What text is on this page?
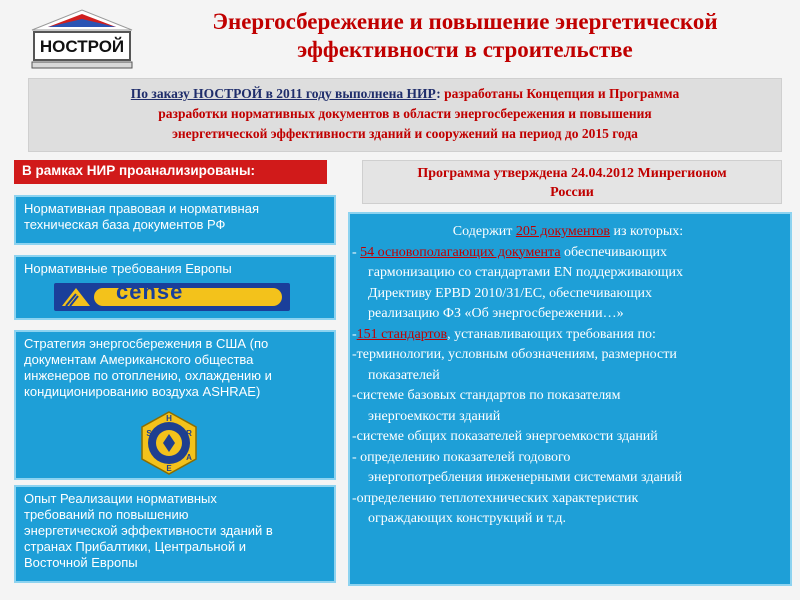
НОСТРОЙ
Энергосбережение и повышение энергетической
эффективности в строительстве
По заказу НОСТРОЙ в 2011 году выполнена НИР: разработаны Концепция и Программа
разработки нормативных документов в области энергосбережения и повышения
энергетической эффективности зданий и сооружений на период до 2015 года
В рамках НИР проанализированы:
Нормативная правовая и нормативная
техническая база документов РФ
Нормативные требования Европы
cense
Стратегия энергосбережения в США (по
документам Американского общества
инженеров по отоплению, охлаждению и
кондиционированию воздуха ASHRAE)
H
R
S
A
E
Опыт Реализации нормативных
требований по повышению
энергетической эффективности зданий в
странах Прибалтики, Центральной и
Восточной Европы
Программа утверждена 24.04.2012 Минрегионом
России
Содержит 205 документов из которых:
- 54 основополагающих документа обеспечивающих
гармонизацию со стандартами EN поддерживающих
Директиву EPBD 2010/31/ЕС, обеспечивающих
реализацию ФЗ «Об энергосбережении…»
-151 стандартов, устанавливающих требования по:
-терминологии, условным обозначениям, размерности
показателей
-системе базовых стандартов по показателям
энергоемкости зданий
-системе общих показателей энергоемкости зданий
- определению показателей годового
энергопотребления инженерными системами зданий
-определению теплотехнических характеристик
ограждающих конструкций и т.д.
